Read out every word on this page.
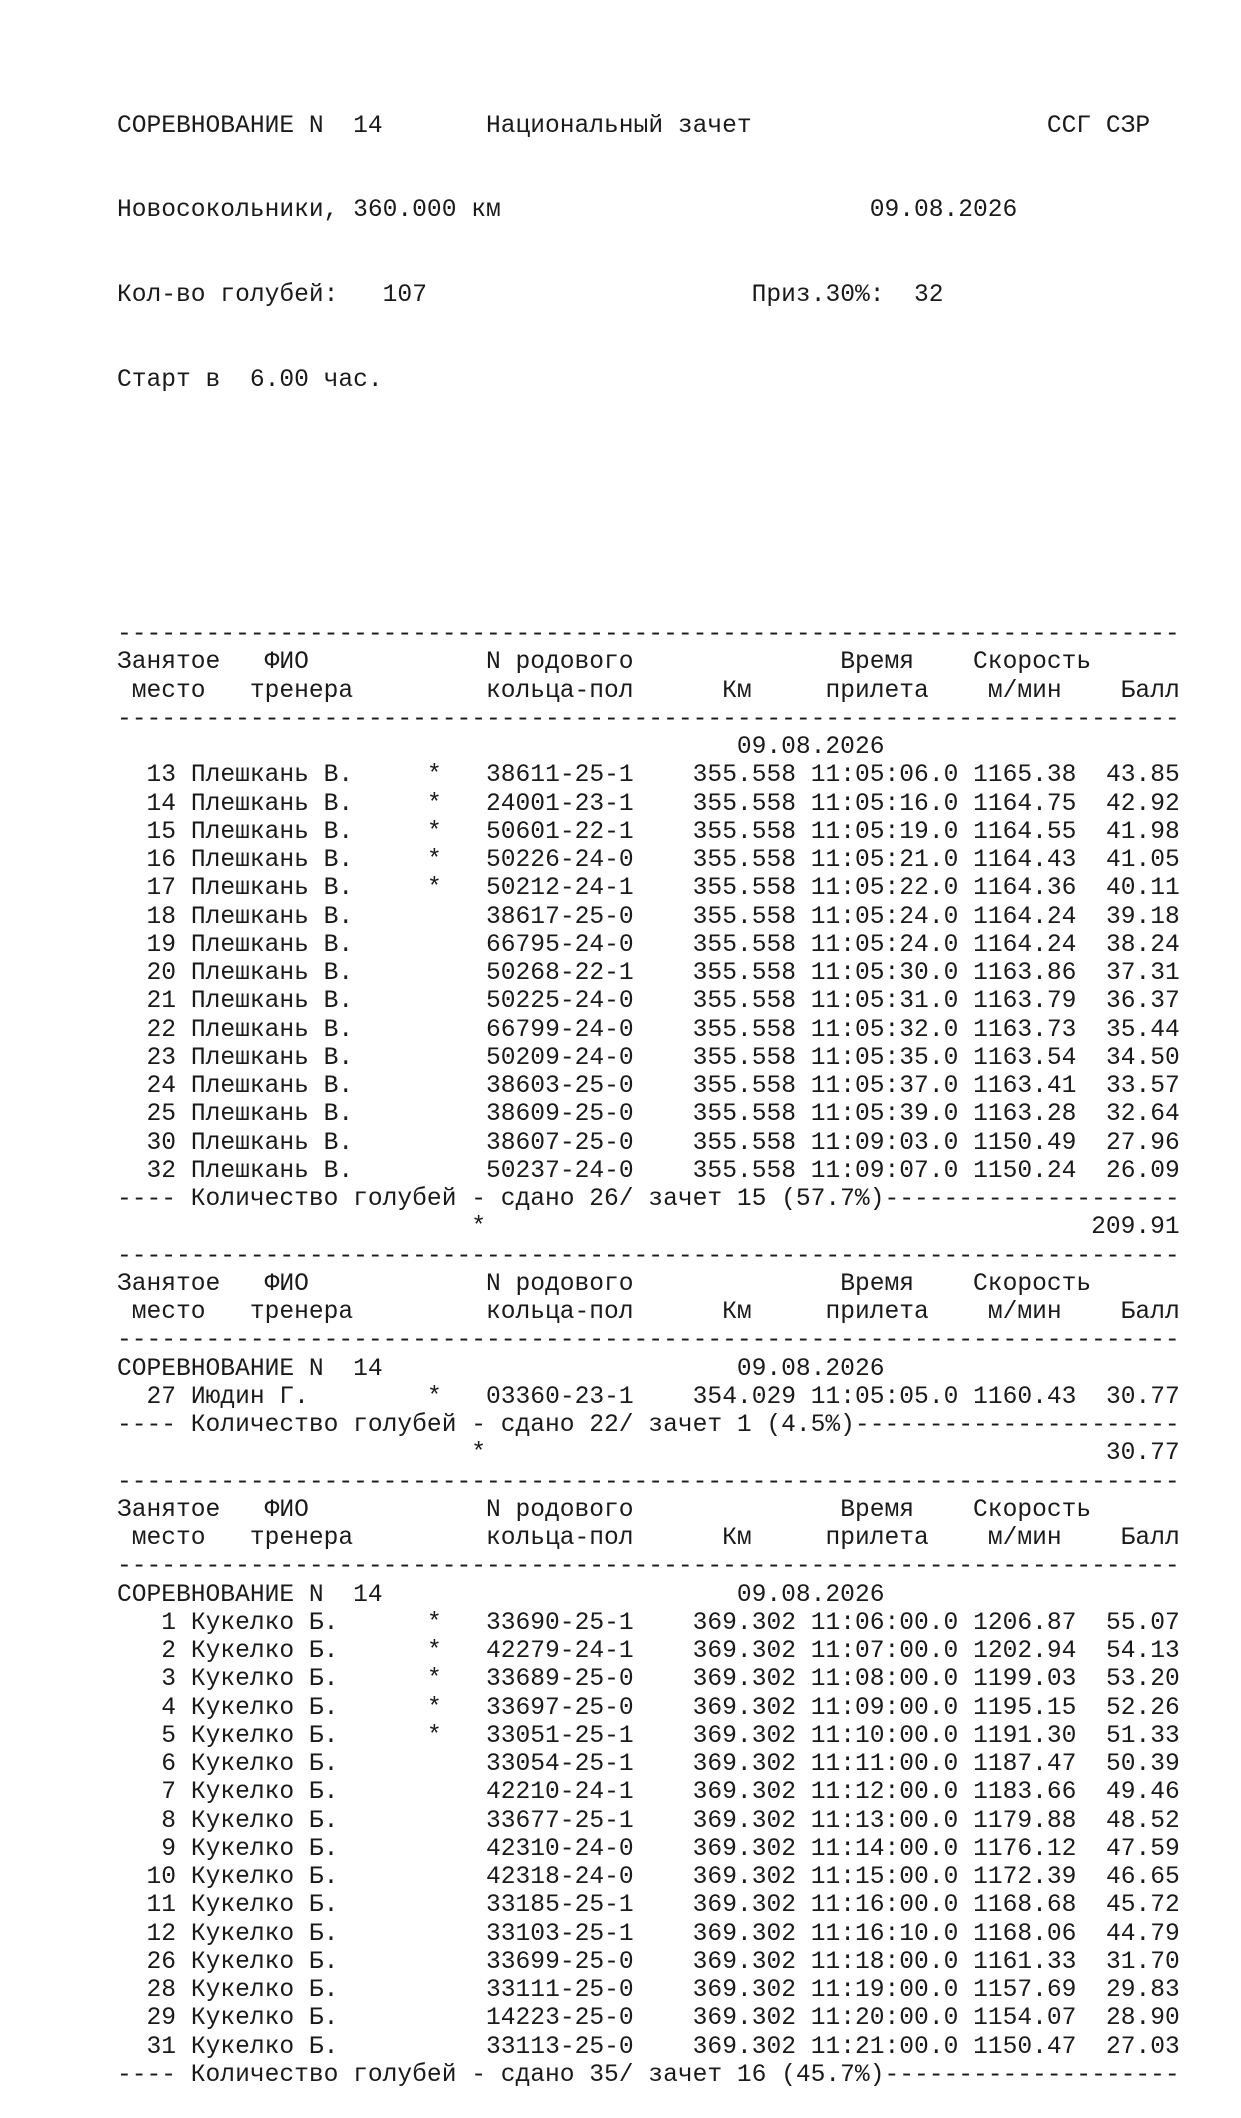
СОРЕВНОВАНИЕ N  14	Национальный зачет	ССГ СЗР

Новосокольники, 360.000 км	09.08.2026

Кол-во голубей: 107	Приз.30%: 32

Старт в  6.00 час.

------------------------------------------------------------------------
Занятое ФИО	N родового	Время Скорость
место тренера	кольца-пол	Км	прилета м/мин Балл
------------------------------------------------------------------------
09.08.2026
13 Плешкань В.	* 38611-25-1 355.558 11:05:06.0 1165.38 43.85
14 Плешкань В.	* 24001-23-1 355.558 11:05:16.0 1164.75 42.92
15 Плешкань В.	* 50601-22-1 355.558 11:05:19.0 1164.55 41.98
16 Плешкань В.	* 50226-24-0 355.558 11:05:21.0 1164.43 41.05
17 Плешкань В.	* 50212-24-1 355.558 11:05:22.0 1164.36 40.11
18 Плешкань В.	38617-25-0 355.558 11:05:24.0 1164.24 39.18
19 Плешкань В.	66795-24-0 355.558 11:05:24.0 1164.24 38.24
20 Плешкань В.	50268-22-1 355.558 11:05:30.0 1163.86 37.31
21 Плешкань В.	50225-24-0 355.558 11:05:31.0 1163.79 36.37
22 Плешкань В.	66799-24-0 355.558 11:05:32.0 1163.73 35.44
23 Плешкань В.	50209-24-0 355.558 11:05:35.0 1163.54 34.50
24 Плешкань В.	38603-25-0 355.558 11:05:37.0 1163.41 33.57
25 Плешкань В.	38609-25-0 355.558 11:05:39.0 1163.28 32.64
30 Плешкань В.	38607-25-0 355.558 11:09:03.0 1150.49 27.96
32 Плешкань В.	50237-24-0 355.558 11:09:07.0 1150.24 26.09
---- Количество голубей - сдано 26/ зачет 15 (57.7%)--------------------
*	209.91
------------------------------------------------------------------------
Занятое ФИО	N родового	Время Скорость
место тренера	кольца-пол	Км	прилета м/мин Балл
------------------------------------------------------------------------
СОРЕВНОВАНИЕ N  14	09.08.2026
27 Июдин Г.	* 03360-23-1 354.029 11:05:05.0 1160.43 30.77
---- Количество голубей - сдано 22/ зачет 1 (4.5%)----------------------
*	30.77
------------------------------------------------------------------------
Занятое ФИО	N родового	Время Скорость
место тренера	кольца-пол	Км	прилета м/мин Балл
------------------------------------------------------------------------
СОРЕВНОВАНИЕ N  14	09.08.2026
1 Кукелко Б.	* 33690-25-1 369.302 11:06:00.0 1206.87 55.07
2 Кукелко Б.	* 42279-24-1 369.302 11:07:00.0 1202.94 54.13
3 Кукелко Б.	* 33689-25-0 369.302 11:08:00.0 1199.03 53.20
4 Кукелко Б.	* 33697-25-0 369.302 11:09:00.0 1195.15 52.26
5 Кукелко Б.	* 33051-25-1 369.302 11:10:00.0 1191.30 51.33
6 Кукелко Б.	33054-25-1 369.302 11:11:00.0 1187.47 50.39
7 Кукелко Б.	42210-24-1 369.302 11:12:00.0 1183.66 49.46
8 Кукелко Б.	33677-25-1 369.302 11:13:00.0 1179.88 48.52
9 Кукелко Б.	42310-24-0 369.302 11:14:00.0 1176.12 47.59
10 Кукелко Б.	42318-24-0 369.302 11:15:00.0 1172.39 46.65
11 Кукелко Б.	33185-25-1 369.302 11:16:00.0 1168.68 45.72
12 Кукелко Б.	33103-25-1 369.302 11:16:10.0 1168.06 44.79
26 Кукелко Б.	33699-25-0 369.302 11:18:00.0 1161.33 31.70
28 Кукелко Б.	33111-25-0 369.302 11:19:00.0 1157.69 29.83
29 Кукелко Б.	14223-25-0 369.302 11:20:00.0 1154.07 28.90
31 Кукелко Б.	33113-25-0 369.302 11:21:00.0 1150.47 27.03
---- Количество голубей - сдано 35/ зачет 16 (45.7%)--------------------
